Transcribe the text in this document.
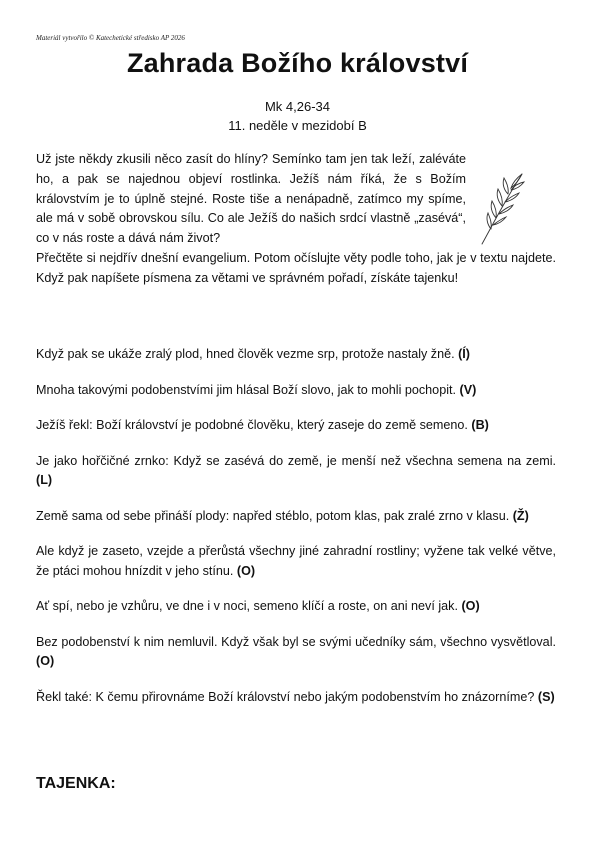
Materiál vytvořilo © Katechetické středisko AP 2026
Zahrada Božího království
Mk 4,26-34
11. neděle v mezidobí B

Už jste někdy zkusili něco zasít do hlíny? Semínko tam jen tak leží, zaléváte ho, a pak se najednou objeví rostlinka. Ježíš nám říká, že s Božím královstvím je to úplně stejné. Roste tiše a nenápadně, zatímco my spíme, ale má v sobě obrovskou sílu. Co ale Ježíš do našich srdcí vlastně „zasévá“, co v nás roste a dává nám život?

Přečtěte si nejdřív dnešní evangelium. Potom očíslujte věty podle toho, jak je v textu najdete. Když pak napíšete písmena za větami ve správném pořadí, získáte tajenku!

Když pak se ukáže zralý plod, hned člověk vezme srp, protože nastaly žně. (Í)

Mnoha takovými podobenstvími jim hlásal Boží slovo, jak to mohli pochopit. (V)

Ježíš řekl: Boží království je podobné člověku, který zaseje do země semeno. (B)

Je jako hořčičné zrnko: Když se zasévá do země, je menší než všechna semena na zemi. (L)

Země sama od sebe přináší plody: napřed stéblo, potom klas, pak zralé zrno v klasu. (Ž)

Ale když je zaseto, vzejde a přerůstá všechny jiné zahradní rostliny; vyžene tak velké větve, že ptáci mohou hnízdit v jeho stínu. (O)

Ať spí, nebo je vzhůru, ve dne i v noci, semeno klíčí a roste, on ani neví jak. (O)

Bez podobenství k nim nemluvil. Když však byl se svými učedníky sám, všechno vysvětloval. (O)

Řekl také: K čemu přirovnáme Boží království nebo jakým podobenstvím ho znázorníme? (S)

TAJENKA:
